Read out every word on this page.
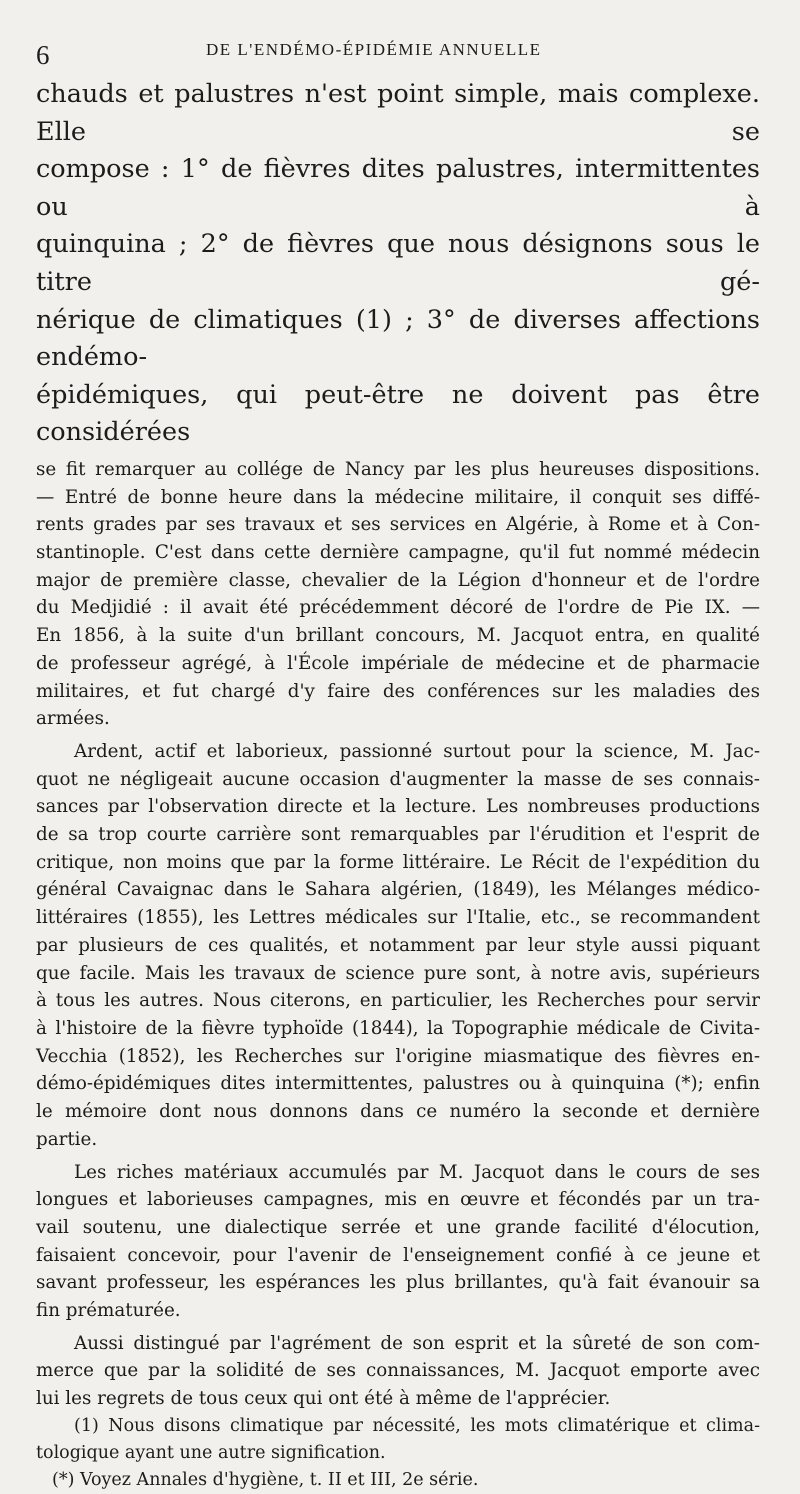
6	DE L'ENDÉMO-ÉPIDÉMIE ANNUELLE

chauds et palustres n'est point simple, mais complexe. Elle se

compose : 1° de fièvres dites palustres, intermittentes ou à

quinquina ; 2° de fièvres que nous désignons sous le titre gé-

nérique de climatiques (1) ; 3° de diverses affections endémo-

épidémiques, qui peut-être ne doivent pas être considérées

se fit remarquer au collége de Nancy par les plus heureuses dispositions.

— Entré de bonne heure dans la médecine militaire, il conquit ses diffé-

rents grades par ses travaux et ses services en Algérie, à Rome et à Con-

stantinople. C'est dans cette dernière campagne, qu'il fut nommé médecin

major de première classe, chevalier de la Légion d'honneur et de l'ordre

du Medjidié : il avait été précédemment décoré de l'ordre de Pie IX. —

En 1856, à la suite d'un brillant concours, M. Jacquot entra, en qualité

de professeur agrégé, à l'École impériale de médecine et de pharmacie

militaires, et fut chargé d'y faire des conférences sur les maladies des

armées.

Ardent, actif et laborieux, passionné surtout pour la science, M. Jac-

quot ne négligeait aucune occasion d'augmenter la masse de ses connais-

sances par l'observation directe et la lecture. Les nombreuses productions

de sa trop courte carrière sont remarquables par l'érudition et l'esprit de

critique, non moins que par la forme littéraire. Le Récit de l'expédition du

général Cavaignac dans le Sahara algérien, (1849), les Mélanges médico-

littéraires (1855), les Lettres médicales sur l'Italie, etc., se recommandent

par plusieurs de ces qualités, et notamment par leur style aussi piquant

que facile. Mais les travaux de science pure sont, à notre avis, supérieurs

à tous les autres. Nous citerons, en particulier, les Recherches pour servir

à l'histoire de la fièvre typhoïde (1844), la Topographie médicale de Civita-

Vecchia (1852), les Recherches sur l'origine miasmatique des fièvres en-

démo-épidémiques dites intermittentes, palustres ou à quinquina (*); enfin

le mémoire dont nous donnons dans ce numéro la seconde et dernière

partie.

Les riches matériaux accumulés par M. Jacquot dans le cours de ses

longues et laborieuses campagnes, mis en œuvre et fécondés par un tra-

vail soutenu, une dialectique serrée et une grande facilité d'élocution,

faisaient concevoir, pour l'avenir de l'enseignement confié à ce jeune et

savant professeur, les espérances les plus brillantes, qu'à fait évanouir sa

fin prématurée.

Aussi distingué par l'agrément de son esprit et la sûreté de son com-

merce que par la solidité de ses connaissances, M. Jacquot emporte avec

lui les regrets de tous ceux qui ont été à même de l'apprécier.

(1) Nous disons climatique par nécessité, les mots climatérique et clima-

tologique ayant une autre signification.

(*) Voyez Annales d'hygiène, t. II et III, 2e série.
